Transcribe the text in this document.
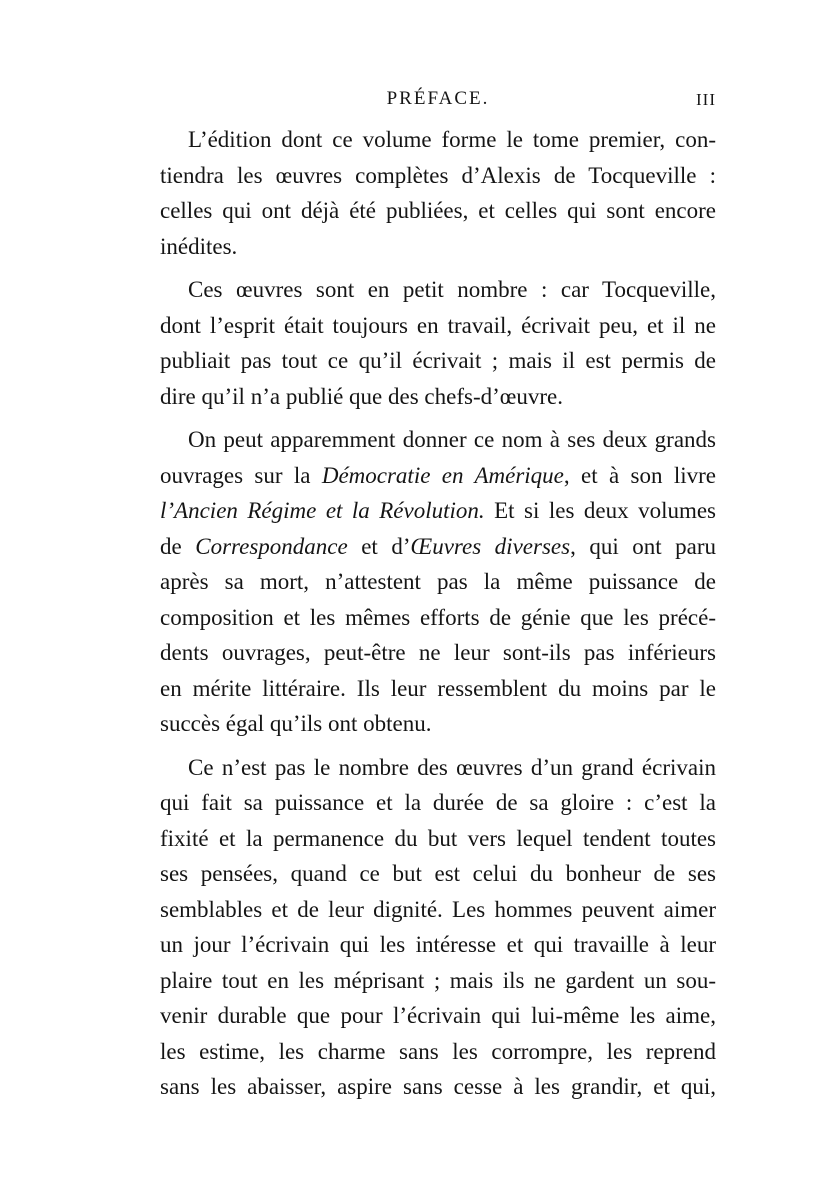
PRÉFACE.	III
L’édition dont ce volume forme le tome premier, con-
tiendra les œuvres complètes d’Alexis de Tocqueville :
celles qui ont déjà été publiées, et celles qui sont encore
inédites.
Ces œuvres sont en petit nombre : car Tocqueville,
dont l’esprit était toujours en travail, écrivait peu, et il ne
publiait pas tout ce qu’il écrivait ; mais il est permis de
dire qu’il n’a publié que des chefs-d’œuvre.
On peut apparemment donner ce nom à ses deux grands
ouvrages sur la Démocratie en Amérique, et à son livre
l’Ancien Régime et la Révolution. Et si les deux volumes
de Correspondance et d’Œuvres diverses, qui ont paru
après sa mort, n’attestent pas la même puissance de
composition et les mêmes efforts de génie que les précé-
dents ouvrages, peut-être ne leur sont-ils pas inférieurs
en mérite littéraire. Ils leur ressemblent du moins par le
succès égal qu’ils ont obtenu.
Ce n’est pas le nombre des œuvres d’un grand écrivain
qui fait sa puissance et la durée de sa gloire : c’est la
fixité et la permanence du but vers lequel tendent toutes
ses pensées, quand ce but est celui du bonheur de ses
semblables et de leur dignité. Les hommes peuvent aimer
un jour l’écrivain qui les intéresse et qui travaille à leur
plaire tout en les méprisant ; mais ils ne gardent un sou-
venir durable que pour l’écrivain qui lui-même les aime,
les estime, les charme sans les corrompre, les reprend
sans les abaisser, aspire sans cesse à les grandir, et qui,
